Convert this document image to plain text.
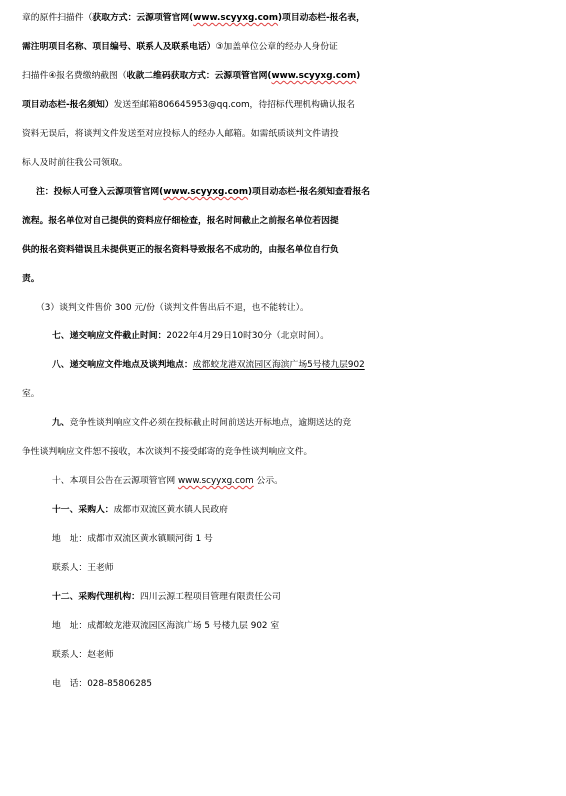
章的原件扫描件（获取方式：云源项管官网(www.scyyxg.com)项目动态栏-报名表，
需注明项目名称、项目编号、联系人及联系电话）③加盖单位公章的经办人身份证
扫描件④报名费缴纳截图（收款二维码获取方式：云源项管官网(www.scyyxg.com)
项目动态栏-报名须知）发送至邮箱806645953@qq.com，待招标代理机构确认报名
资料无误后，将谈判文件发送至对应投标人的经办人邮箱。如需纸质谈判文件请投
标人及时前往我公司领取。
注：投标人可登入云源项管官网(www.scyyxg.com)项目动态栏-报名须知查看报名
流程。报名单位对自己提供的资料应仔细检查，报名时间截止之前报名单位若因提
供的报名资料错误且未提供更正的报名资料导致报名不成功的，由报名单位自行负
责。
（3）谈判文件售价 300 元/份（谈判文件售出后不退，也不能转让）。
七、递交响应文件截止时间：2022年4月29日10时30分（北京时间）。
八、递交响应文件地点及谈判地点：成都蛟龙港双流园区海滨广场5号楼九层902
室。
九、竞争性谈判响应文件必须在投标截止时间前送达开标地点，逾期送达的竞
争性谈判响应文件恕不接收，本次谈判不接受邮寄的竞争性谈判响应文件。
十、本项目公告在云源项管官网 www.scyyxg.com 公示。
十一、采购人：成都市双流区黄水镇人民政府
地　址：成都市双流区黄水镇顺河街 1 号
联系人：王老师
十二、采购代理机构：四川云源工程项目管理有限责任公司
地　址：成都蛟龙港双流园区海滨广场 5 号楼九层 902 室
联系人：赵老师
电　话：028-85806285
